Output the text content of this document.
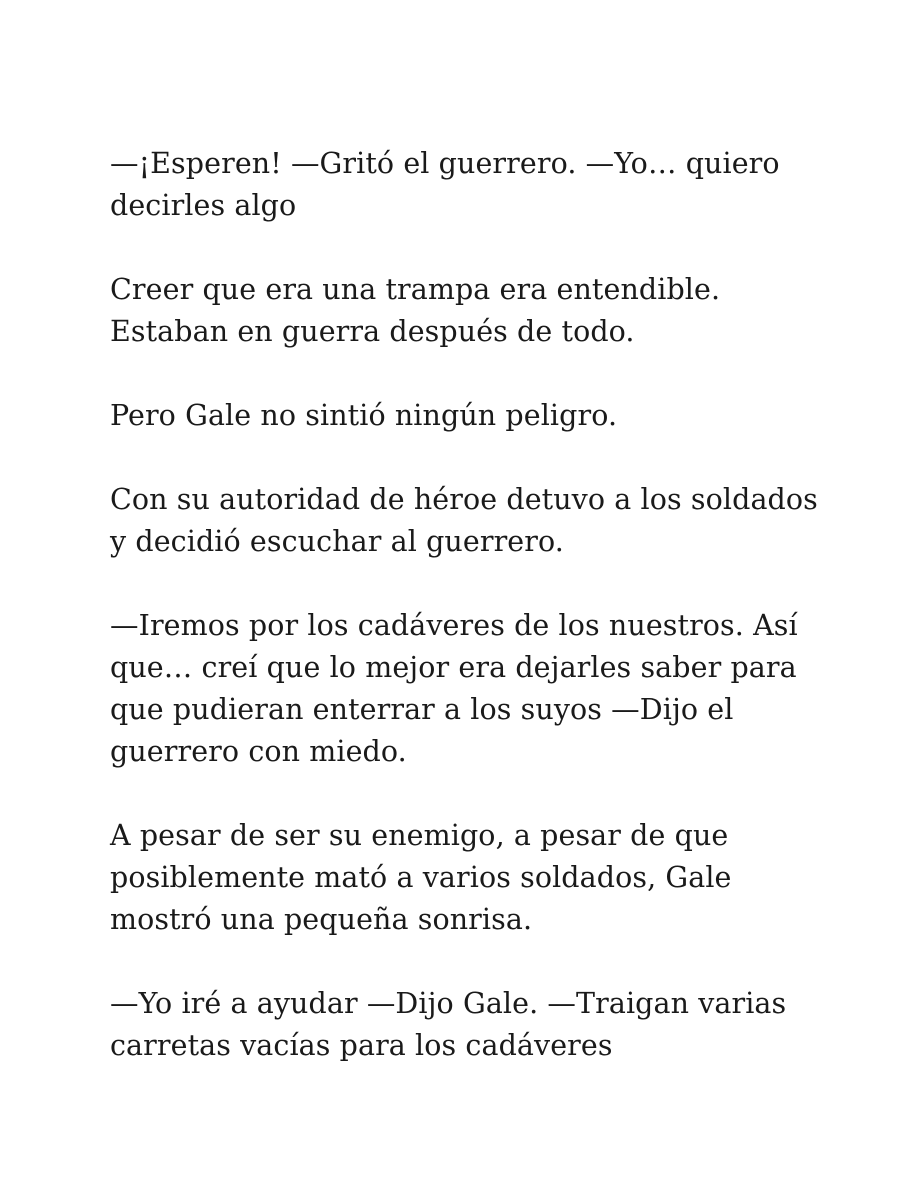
—¡Esperen! —Gritó el guerrero. —Yo… quiero
decirles algo

Creer que era una trampa era entendible.
Estaban en guerra después de todo.

Pero Gale no sintió ningún peligro.

Con su autoridad de héroe detuvo a los soldados
y decidió escuchar al guerrero.

—Iremos por los cadáveres de los nuestros. Así
que… creí que lo mejor era dejarles saber para
que pudieran enterrar a los suyos —Dijo el
guerrero con miedo.

A pesar de ser su enemigo, a pesar de que
posiblemente mató a varios soldados, Gale
mostró una pequeña sonrisa.

—Yo iré a ayudar —Dijo Gale. —Traigan varias
carretas vacías para los cadáveres
